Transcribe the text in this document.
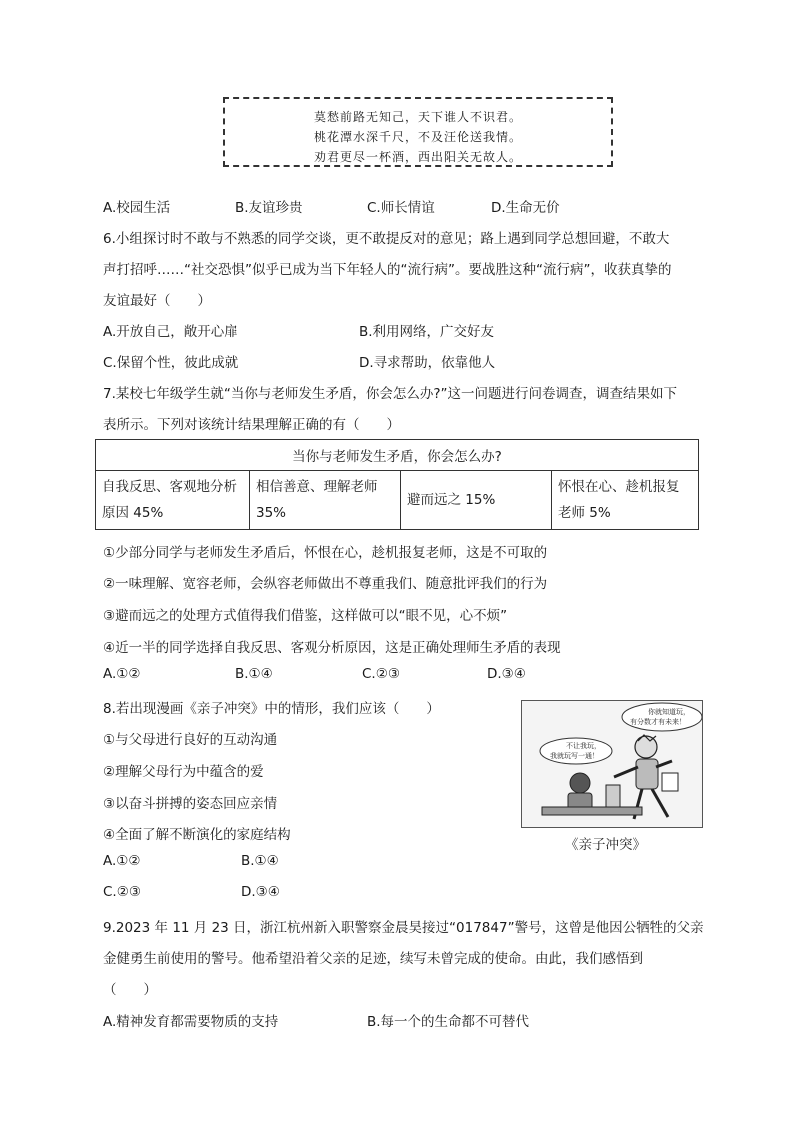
莫愁前路无知己，天下谁人不识君。
桃花潭水深千尺，不及汪伦送我情。
劝君更尽一杯酒，西出阳关无故人。
A.校园生活	B.友谊珍贵	C.师长情谊	D.生命无价
6.小组探讨时不敢与不熟悉的同学交谈，更不敢提反对的意见；路上遇到同学总想回避，不敢大
声打招呼……“社交恐惧”似乎已成为当下年轻人的“流行病”。要战胜这种“流行病”，收获真挚的
友谊最好（　　）
A.开放自己，敞开心扉	B.利用网络，广交好友
C.保留个性，彼此成就	D.寻求帮助，依靠他人
7.某校七年级学生就“当你与老师发生矛盾，你会怎么办?”这一问题进行问卷调查，调查结果如下
表所示。下列对该统计结果理解正确的有（　　）
当你与老师发生矛盾，你会怎么办?
自我反思、客观地分析原因 45%	相信善意、理解老师 35%	避而远之 15%	怀恨在心、趁机报复老师 5%
①少部分同学与老师发生矛盾后，怀恨在心，趁机报复老师，这是不可取的
②一味理解、宽容老师，会纵容老师做出不尊重我们、随意批评我们的行为
③避而远之的处理方式值得我们借鉴，这样做可以“眼不见，心不烦”
④近一半的同学选择自我反思、客观分析原因，这是正确处理师生矛盾的表现
A.①②	B.①④	C.②③	D.③④
8.若出现漫画《亲子冲突》中的情形，我们应该（　　）
①与父母进行良好的互动沟通
②理解父母行为中蕴含的爱
③以奋斗拼搏的姿态回应亲情
④全面了解不断演化的家庭结构
A.①②	B.①④
C.②③	D.③④
你就知道玩，
有分数才有未来！
不让我玩，
我就玩写一通！
《亲子冲突》
9.2023 年 11 月 23 日，浙江杭州新入职警察金晨昊接过“017847”警号，这曾是他因公牺牲的父亲
金健勇生前使用的警号。他希望沿着父亲的足迹，续写未曾完成的使命。由此，我们感悟到
（　　）
A.精神发育都需要物质的支持	B.每一个的生命都不可替代
